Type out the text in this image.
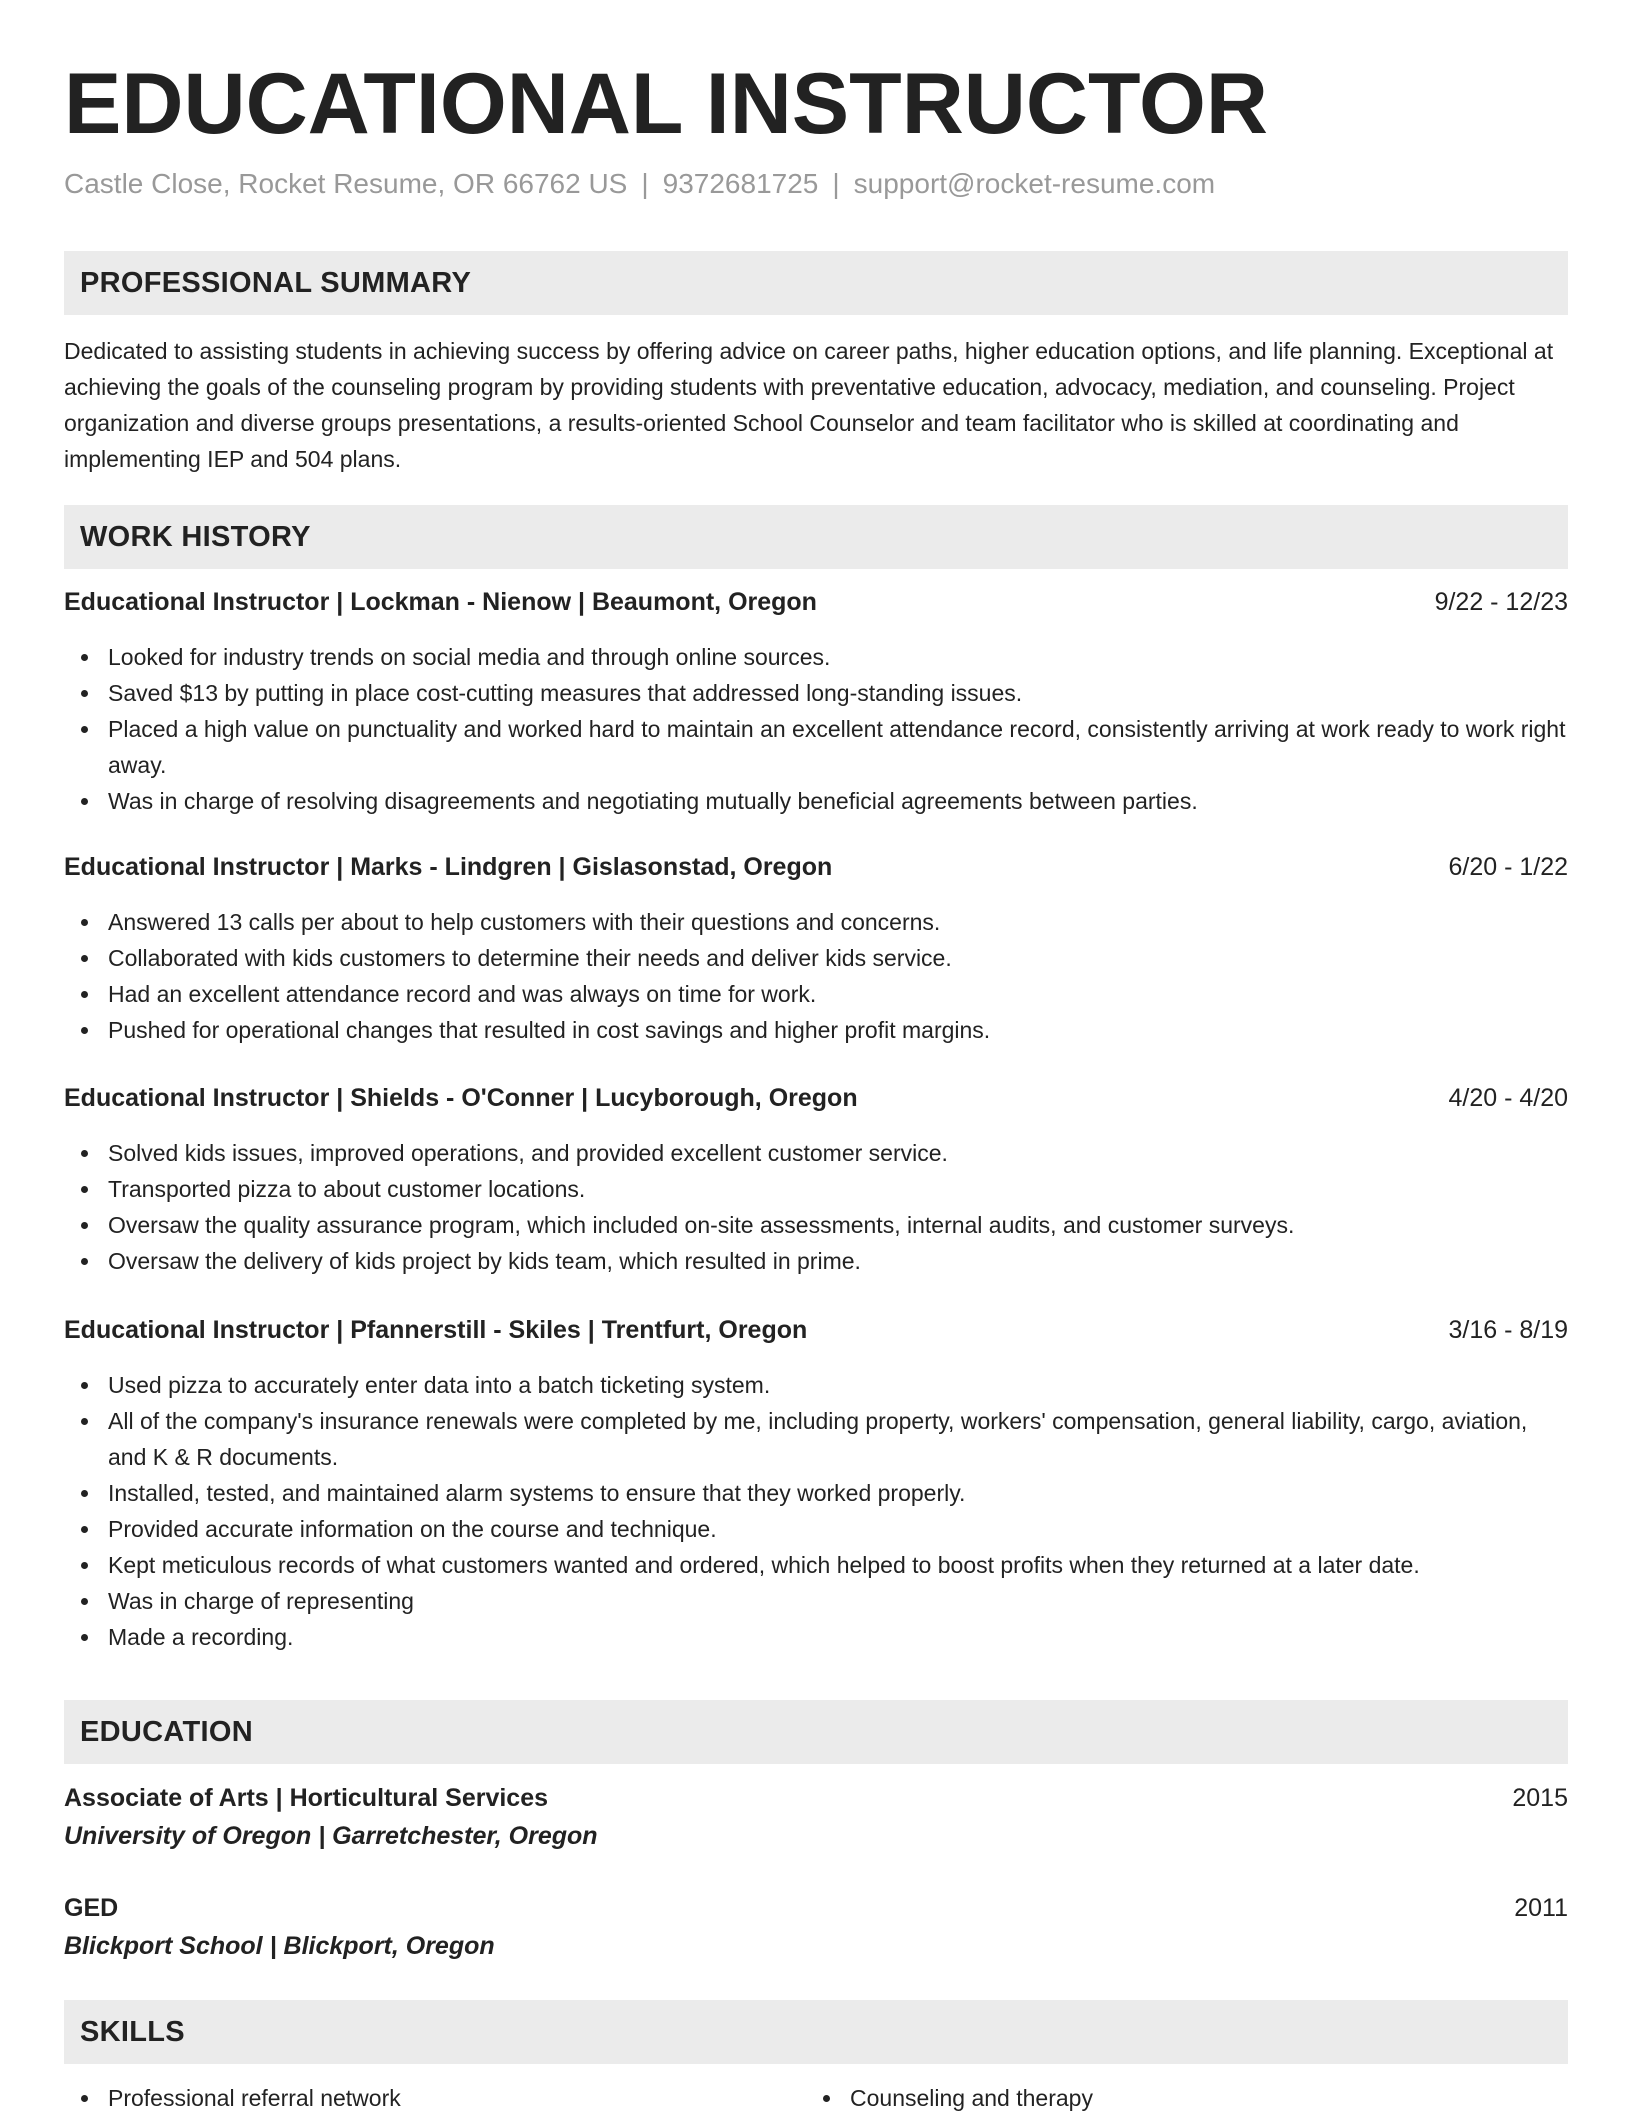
EDUCATIONAL INSTRUCTOR
Castle Close, Rocket Resume, OR 66762 US | 9372681725 | support@rocket-resume.com
PROFESSIONAL SUMMARY
Dedicated to assisting students in achieving success by offering advice on career paths, higher education options, and life planning. Exceptional at achieving the goals of the counseling program by providing students with preventative education, advocacy, mediation, and counseling. Project organization and diverse groups presentations, a results-oriented School Counselor and team facilitator who is skilled at coordinating and implementing IEP and 504 plans.
WORK HISTORY
Educational Instructor | Lockman - Nienow | Beaumont, Oregon	9/22 - 12/23
Looked for industry trends on social media and through online sources.
Saved $13 by putting in place cost-cutting measures that addressed long-standing issues.
Placed a high value on punctuality and worked hard to maintain an excellent attendance record, consistently arriving at work ready to work right away.
Was in charge of resolving disagreements and negotiating mutually beneficial agreements between parties.
Educational Instructor | Marks - Lindgren | Gislasonstad, Oregon	6/20 - 1/22
Answered 13 calls per about to help customers with their questions and concerns.
Collaborated with kids customers to determine their needs and deliver kids service.
Had an excellent attendance record and was always on time for work.
Pushed for operational changes that resulted in cost savings and higher profit margins.
Educational Instructor | Shields - O'Conner | Lucyborough, Oregon	4/20 - 4/20
Solved kids issues, improved operations, and provided excellent customer service.
Transported pizza to about customer locations.
Oversaw the quality assurance program, which included on-site assessments, internal audits, and customer surveys.
Oversaw the delivery of kids project by kids team, which resulted in prime.
Educational Instructor | Pfannerstill - Skiles | Trentfurt, Oregon	3/16 - 8/19
Used pizza to accurately enter data into a batch ticketing system.
All of the company's insurance renewals were completed by me, including property, workers' compensation, general liability, cargo, aviation, and K & R documents.
Installed, tested, and maintained alarm systems to ensure that they worked properly.
Provided accurate information on the course and technique.
Kept meticulous records of what customers wanted and ordered, which helped to boost profits when they returned at a later date.
Was in charge of representing
Made a recording.
EDUCATION
Associate of Arts | Horticultural Services	2015
University of Oregon | Garretchester, Oregon
GED	2011
Blickport School | Blickport, Oregon
SKILLS
Professional referral network	Counseling and therapy
